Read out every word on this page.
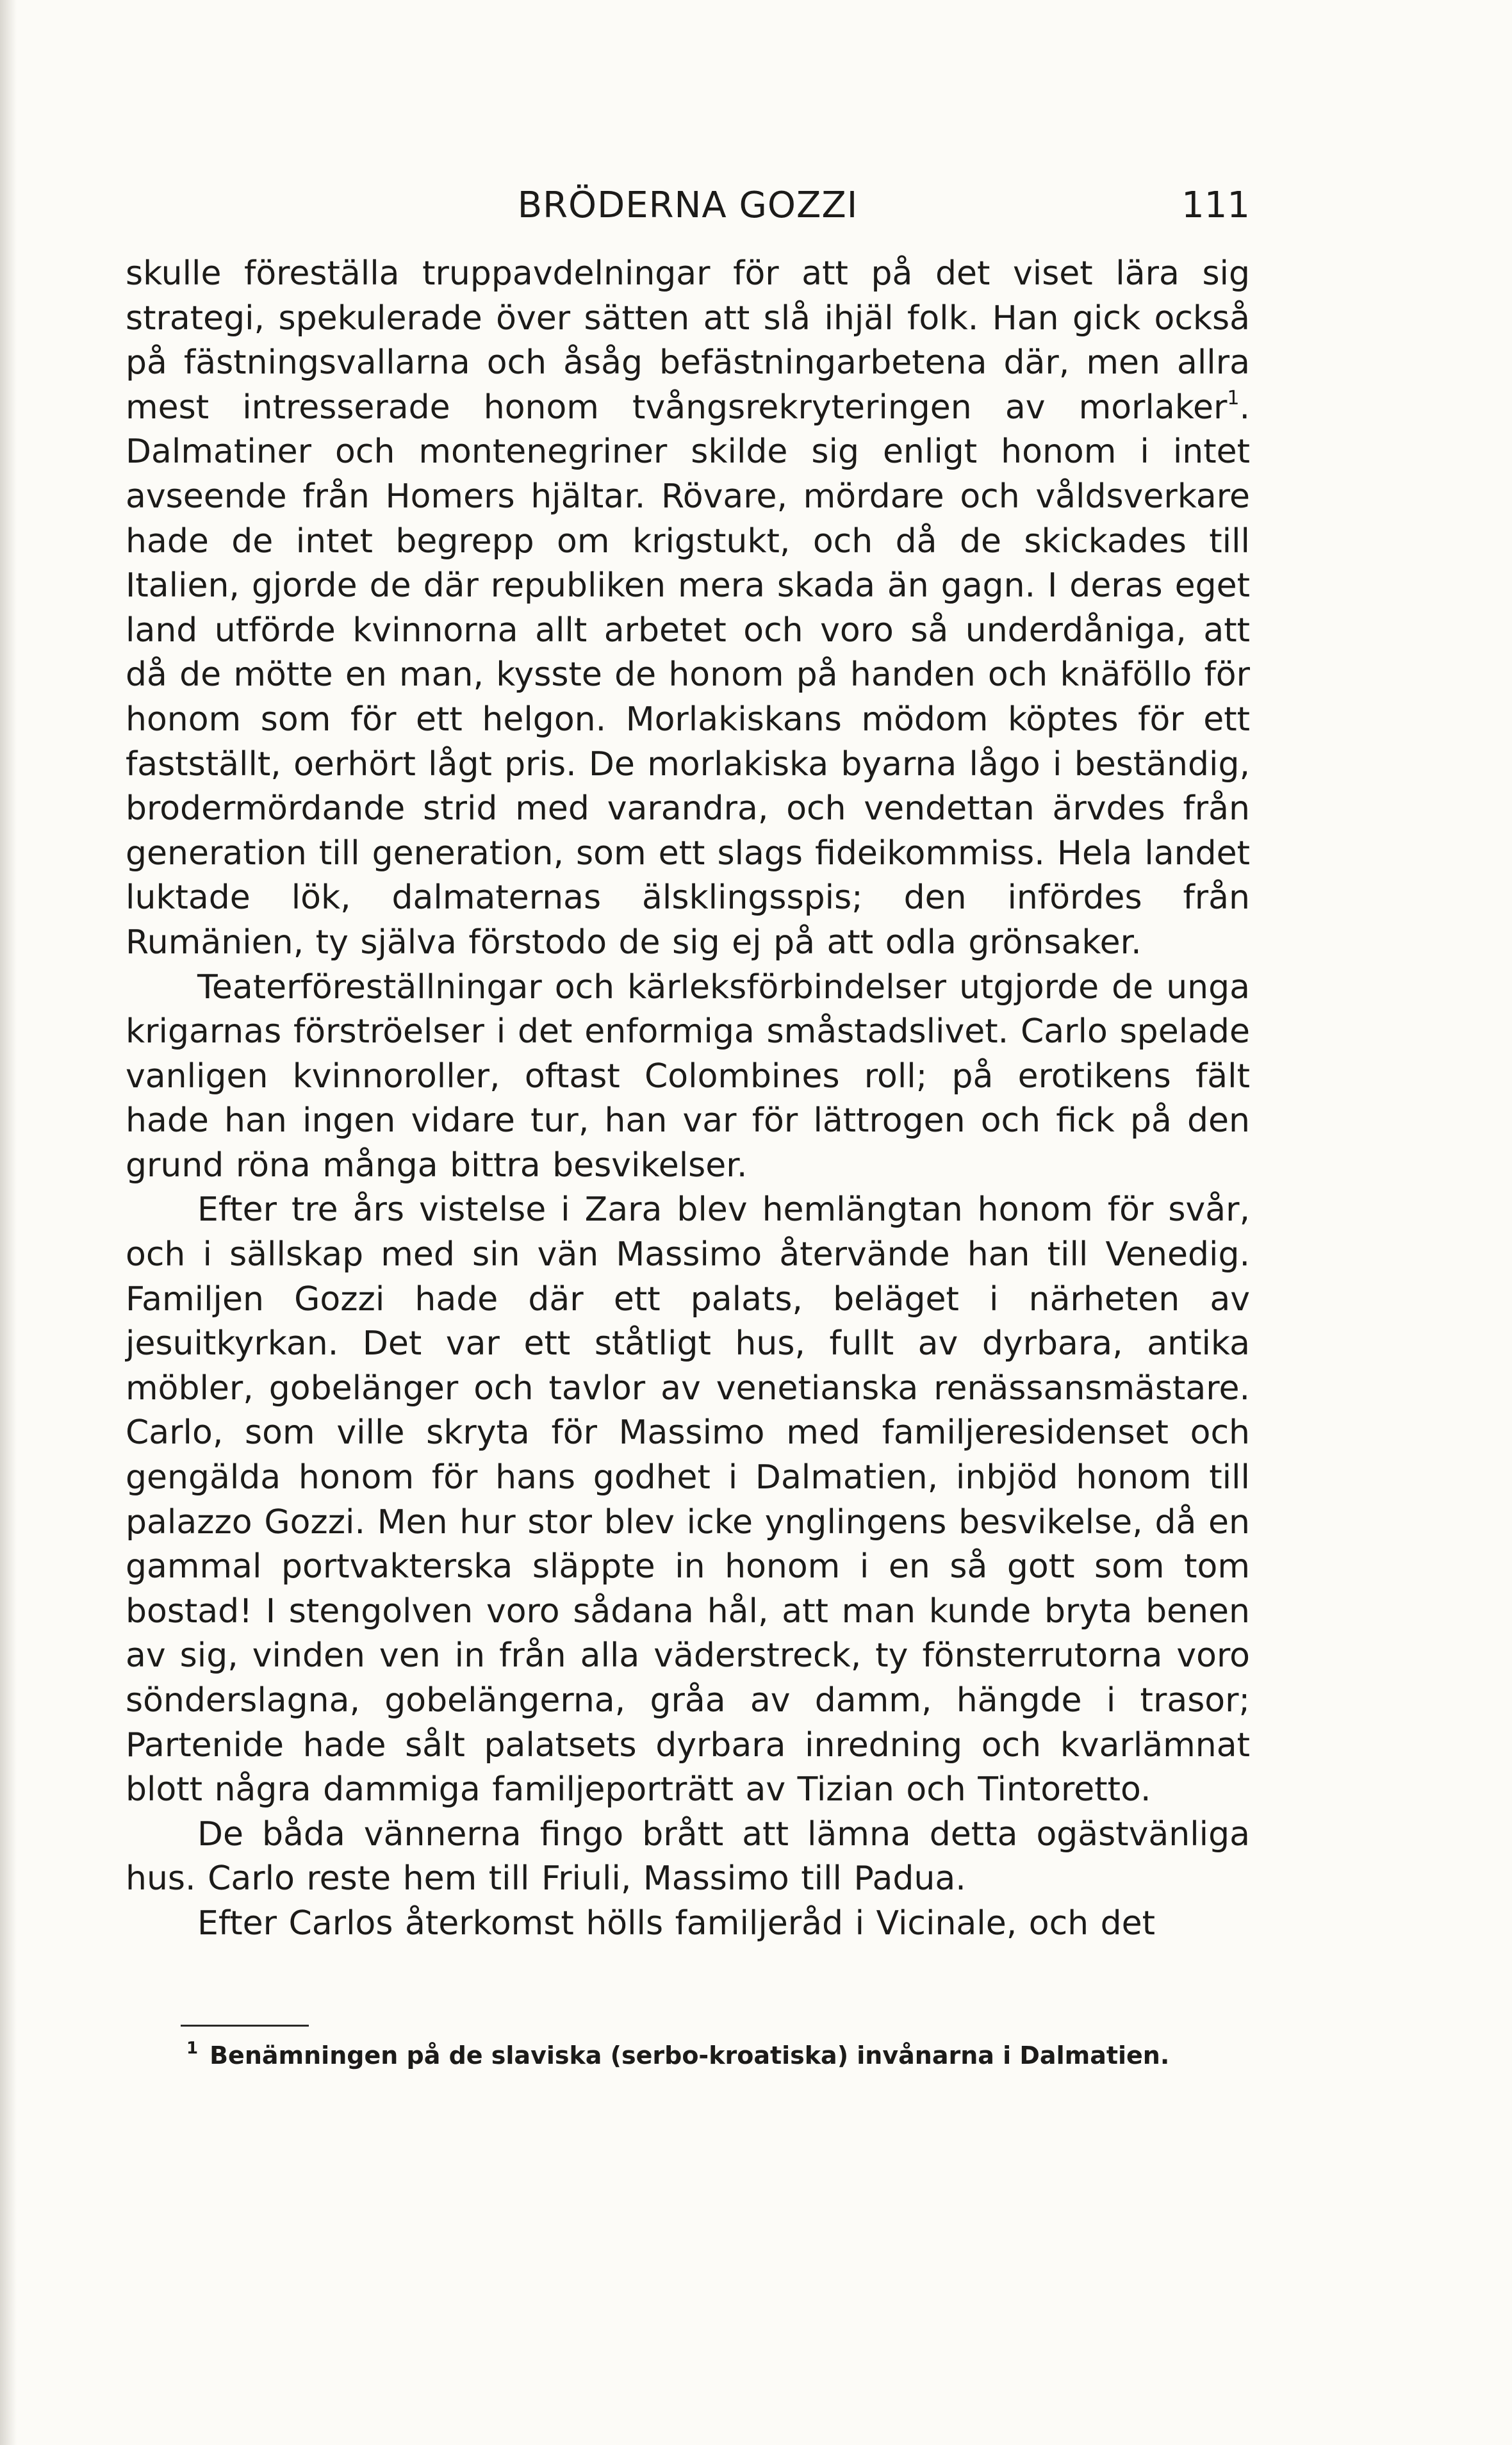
BRÖDERNA GOZZI	111

skulle föreställa truppavdelningar för att på det viset lära sig strategi, spekulerade över sätten att slå ihjäl folk. Han gick också på fästningsvallarna och åsåg befästningarbetena där, men allra mest intresserade honom tvångsrekryteringen av morlaker$^1$. Dalmatiner och montenegriner skilde sig enligt honom i intet avseende från Homers hjältar. Rövare, mördare och våldsverkare hade de intet begrepp om krigstukt, och då de skickades till Italien, gjorde de där republiken mera skada än gagn. I deras eget land utförde kvinnorna allt arbetet och voro så underdåniga, att då de mötte en man, kysste de honom på handen och knäföllo för honom som för ett helgon. Morlakiskans mödom köptes för ett fastställt, oerhört lågt pris. De morlakiska byarna lågo i beständig, brodermördande strid med varandra, och vendettan ärvdes från generation till generation, som ett slags fideikommiss. Hela landet luktade lök, dalmaternas älsklingsspis; den infördes från Rumänien, ty själva förstodo de sig ej på att odla grönsaker.

Teaterföreställningar och kärleksförbindelser utgjorde de unga krigarnas förströelser i det enformiga småstadslivet. Carlo spelade vanligen kvinnoroller, oftast Colombines roll; på erotikens fält hade han ingen vidare tur, han var för lättrogen och fick på den grund röna många bittra besvikelser.

Efter tre års vistelse i Zara blev hemlängtan honom för svår, och i sällskap med sin vän Massimo återvände han till Venedig. Familjen Gozzi hade där ett palats, beläget i närheten av jesuitkyrkan. Det var ett ståtligt hus, fullt av dyrbara, antika möbler, gobelänger och tavlor av venetianska renässansmästare. Carlo, som ville skryta för Massimo med familjeresidenset och gengälda honom för hans godhet i Dalmatien, inbjöd honom till palazzo Gozzi. Men hur stor blev icke ynglingens besvikelse, då en gammal portvakterska släppte in honom i en så gott som tom bostad! I stengolven voro sådana hål, att man kunde bryta benen av sig, vinden ven in från alla väderstreck, ty fönsterrutorna voro sönderslagna, gobelängerna, gråa av damm, hängde i trasor; Partenide hade sålt palatsets dyrbara inredning och kvarlämnat blott några dammiga familjeporträtt av Tizian och Tintoretto.

De båda vännerna fingo brått att lämna detta ogästvänliga hus. Carlo reste hem till Friuli, Massimo till Padua.

Efter Carlos återkomst hölls familjeråd i Vicinale, och det

$^1$ Benämningen på de slaviska (serbo-kroatiska) invånarna i Dalmatien.
